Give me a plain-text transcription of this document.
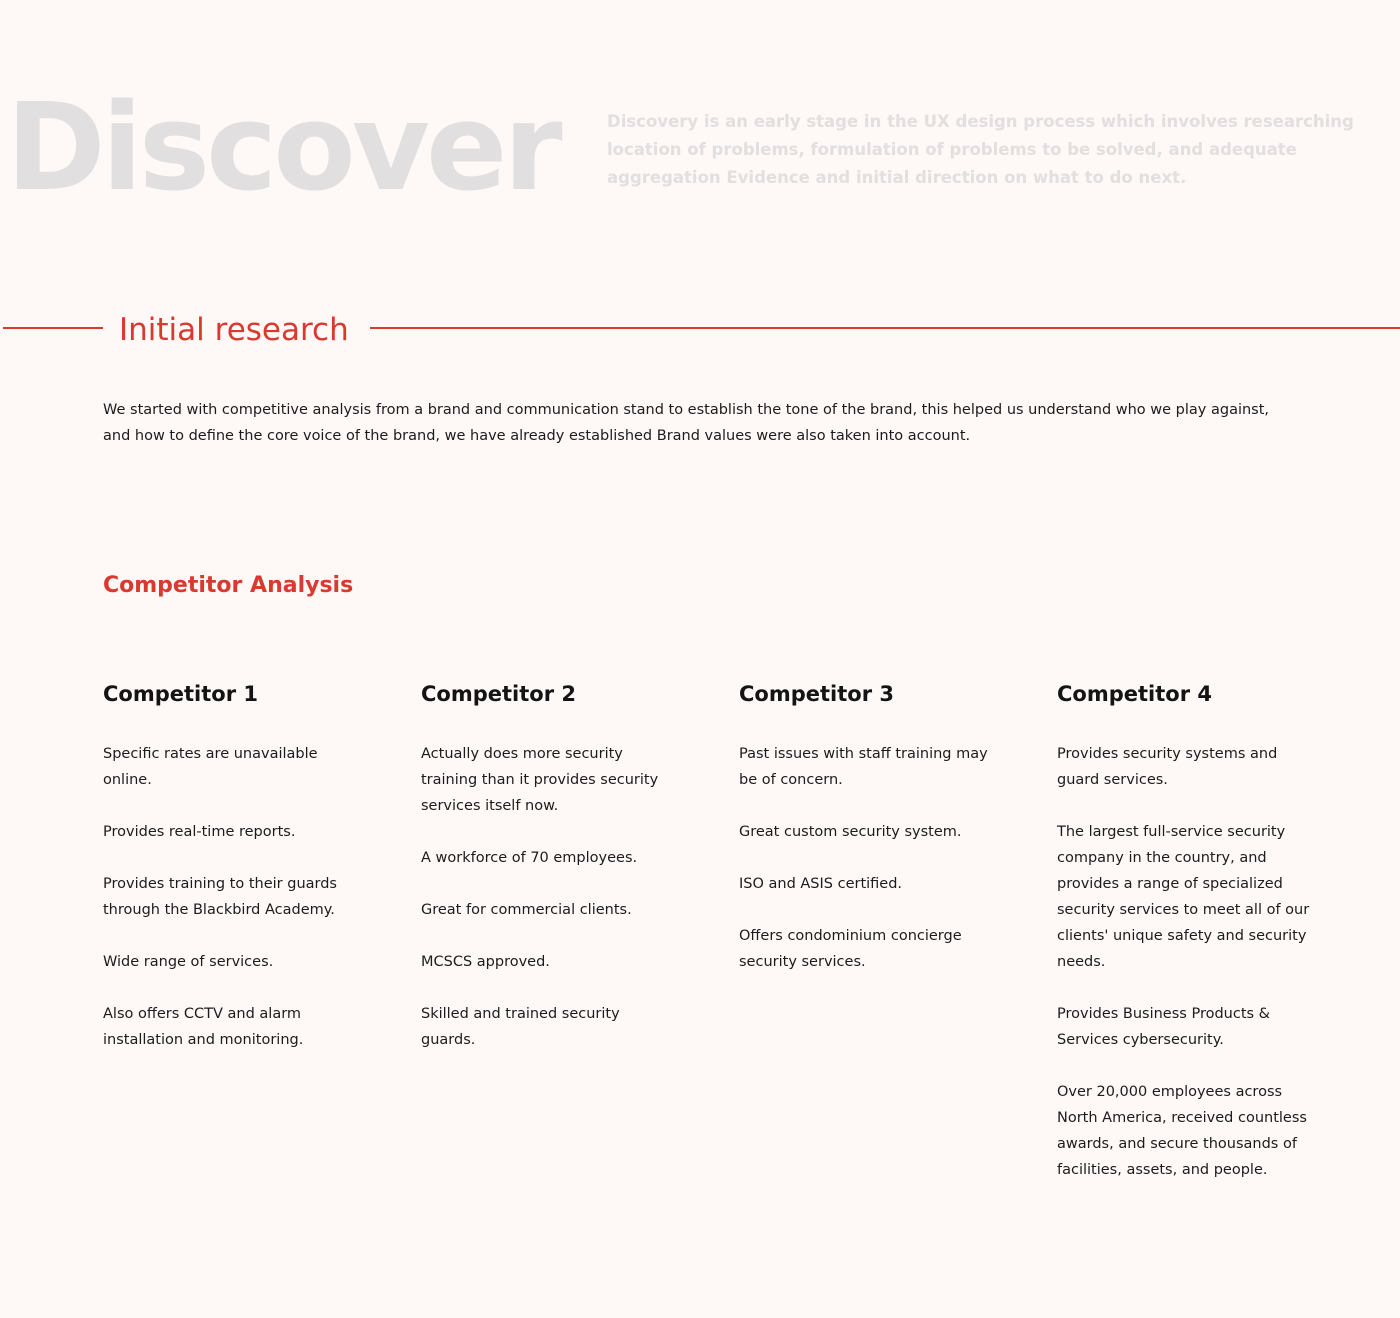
Discover	Discovery is an early stage in the UX design process which involves researching location of problems, formulation of problems to be solved, and adequate aggregation Evidence and initial direction on what to do next.

Initial research

We started with competitive analysis from a brand and communication stand to establish the tone of the brand, this helped us understand who we play against, and how to define the core voice of the brand, we have already established Brand values were also taken into account.

Competitor Analysis
Competitor 1
Specific rates are unavailable online.
Provides real-time reports.
Provides training to their guards through the Blackbird Academy.
Wide range of services.
Also offers CCTV and alarm installation and monitoring.
Competitor 2
Actually does more security training than it provides security services itself now.
A workforce of 70 employees.
Great for commercial clients.
MCSCS approved.
Skilled and trained security guards.
Competitor 3
Past issues with staff training may be of concern.
Great custom security system.
ISO and ASIS certified.
Offers condominium concierge security services.
Competitor 4
Provides security systems and guard services.
The largest full-service security company in the country, and provides a range of specialized security services to meet all of our clients' unique safety and security needs.
Provides Business Products & Services cybersecurity.
Over 20,000 employees across North America, received countless awards, and secure thousands of facilities, assets, and people.
